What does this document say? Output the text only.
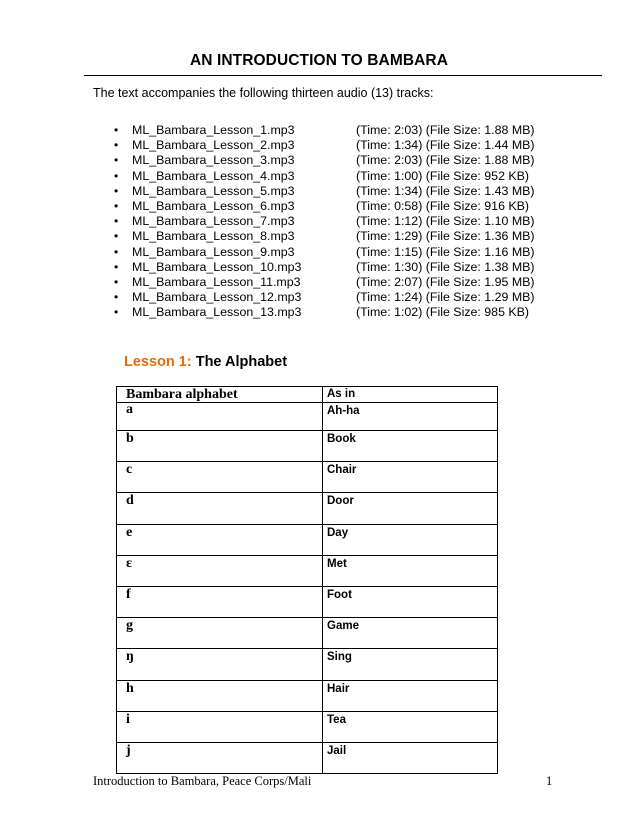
AN INTRODUCTION TO BAMBARA
The text accompanies the following thirteen audio (13) tracks:
• ML_Bambara_Lesson_1.mp3	(Time: 2:03) (File Size: 1.88 MB)
• ML_Bambara_Lesson_2.mp3	(Time: 1:34) (File Size: 1.44 MB)
• ML_Bambara_Lesson_3.mp3	(Time: 2:03) (File Size: 1.88 MB)
• ML_Bambara_Lesson_4.mp3	(Time: 1:00) (File Size: 952 KB)
• ML_Bambara_Lesson_5.mp3	(Time: 1:34) (File Size: 1.43 MB)
• ML_Bambara_Lesson_6.mp3	(Time: 0:58) (File Size: 916 KB)
• ML_Bambara_Lesson_7.mp3	(Time: 1:12) (File Size: 1.10 MB)
• ML_Bambara_Lesson_8.mp3	(Time: 1:29) (File Size: 1.36 MB)
• ML_Bambara_Lesson_9.mp3	(Time: 1:15) (File Size: 1.16 MB)
• ML_Bambara_Lesson_10.mp3	(Time: 1:30) (File Size: 1.38 MB)
• ML_Bambara_Lesson_11.mp3	(Time: 2:07) (File Size: 1.95 MB)
• ML_Bambara_Lesson_12.mp3	(Time: 1:24) (File Size: 1.29 MB)
• ML_Bambara_Lesson_13.mp3	(Time: 1:02) (File Size: 985 KB)
Lesson 1: The Alphabet
Bambara alphabet	As in
a	Ah-ha
b	Book
c	Chair
d	Door
e	Day
ɛ	Met
f	Foot
g	Game
ŋ	Sing
h	Hair
i	Tea
j	Jail
Introduction to Bambara, Peace Corps/Mali	1
